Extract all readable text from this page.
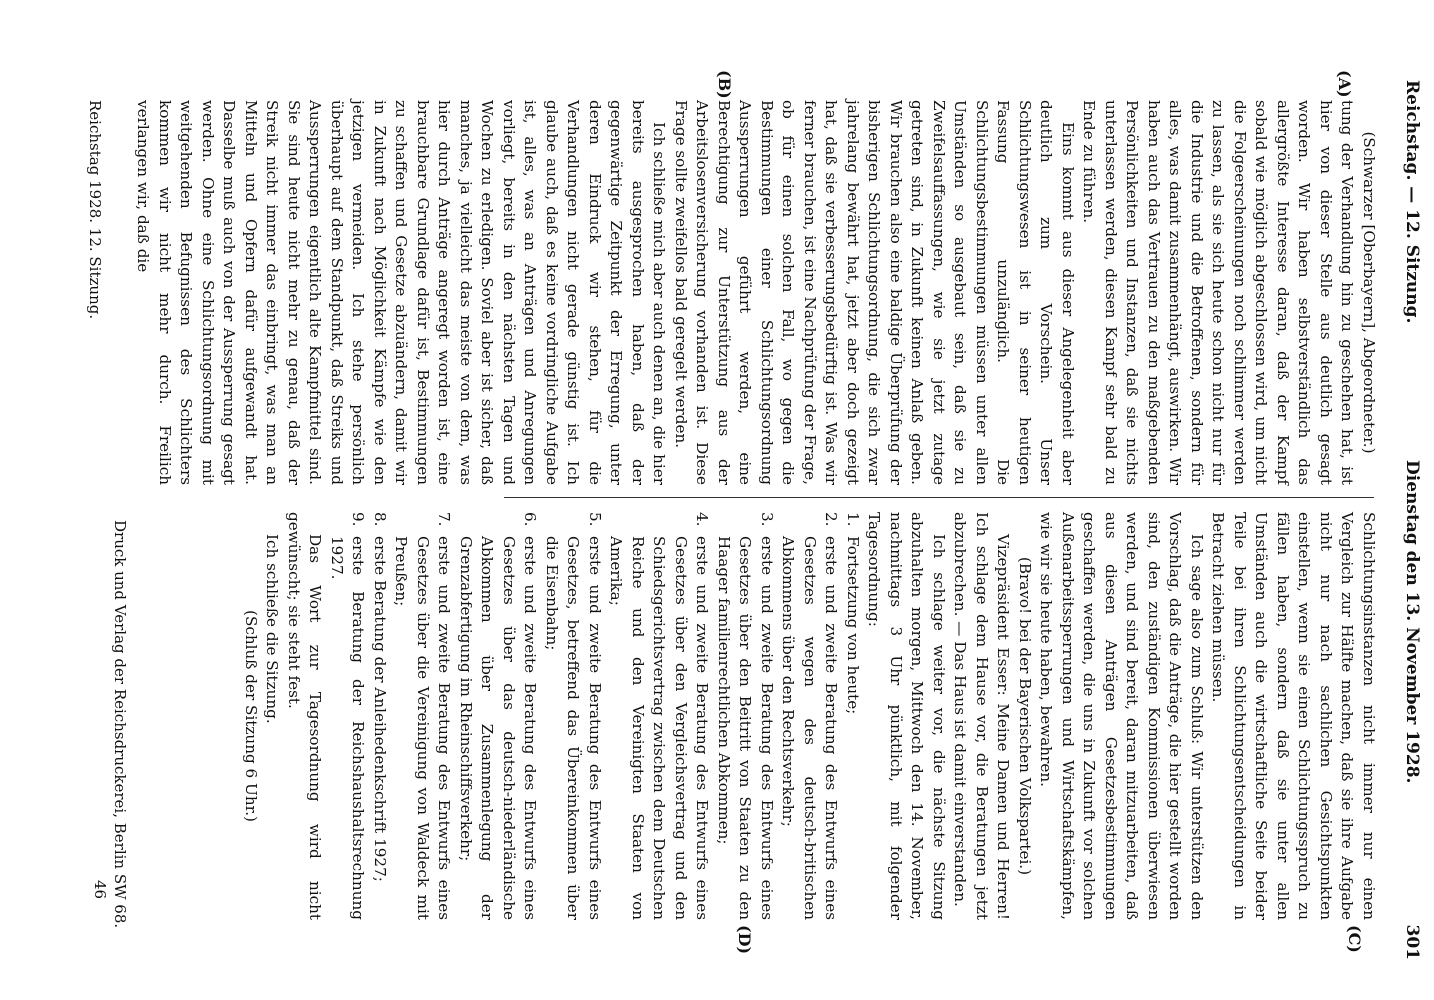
Reichstag. — 12. Sitzung.
Dienstag den 13. November 1928.
301

(Schwarzer [Oberbayern], Abgeordneter.)

tung der Verhandlung hin zu geschehen hat, ist hier von dieser Stelle aus deutlich gesagt worden. Wir haben selbstverständlich das allergrößte Interesse daran, daß der Kampf sobald wie möglich abgeschlossen wird, um nicht die Folgeerscheinungen noch schlimmer werden zu lassen, als sie sich heute schon nicht nur für die Industrie und die Betroffenen, sondern für alles, was damit zusammenhängt, auswirken. Wir haben auch das Vertrauen zu den maßgebenden Persönlichkeiten und Instanzen, daß sie nichts unterlassen werden, diesen Kampf sehr bald zu Ende zu führen.

Eins kommt aus dieser Angelegenheit aber deutlich zum Vorschein. Unser Schlichtungswesen ist in seiner heutigen Fassung unzulänglich. Die Schlichtungsbestimmungen müssen unter allen Umständen so ausgebaut sein, daß sie zu Zweifelsauffassungen, wie sie jetzt zutage getreten sind, in Zukunft keinen Anlaß geben. Wir brauchen also eine baldige Überprüfung der bisherigen Schlichtungsordnung, die sich zwar jahrelang bewährt hat, jetzt aber doch gezeigt hat, daß sie verbesserungsbedürftig ist. Was wir ferner brauchen, ist eine Nachprüfung der Frage, ob für einen solchen Fall, wo gegen die Bestimmungen einer Schlichtungsordnung Aussperrungen geführt werden, eine Berechtigung zur Unterstützung aus der Arbeitslosenversicherung vorhanden ist. Diese Frage sollte zweifellos bald geregelt werden.

Ich schließe mich aber auch denen an, die hier bereits ausgesprochen haben, daß der gegenwärtige Zeitpunkt der Erregung, unter deren Eindruck wir stehen, für die Verhandlungen nicht gerade günstig ist. Ich glaube auch, daß es keine vordringliche Aufgabe ist, alles, was an Anträgen und Anregungen vorliegt, bereits in den nächsten Tagen und Wochen zu erledigen. Soviel aber ist sicher, daß manches, ja vielleicht das meiste von dem, was hier durch Anträge angeregt worden ist, eine brauchbare Grundlage dafür ist, Bestimmungen zu schaffen und Gesetze abzuändern, damit wir in Zukunft nach Möglichkeit Kämpfe wie den jetzigen vermeiden. Ich stehe persönlich überhaupt auf dem Standpunkt, daß Streiks und Aussperrungen eigentlich alte Kampfmittel sind. Sie sind heute nicht mehr zu genau, daß der Streik nicht immer das einbringt, was man an Mitteln und Opfern dafür aufgewandt hat. Dasselbe muß auch von der Aussperrung gesagt werden. Ohne eine Schlichtungsordnung mit weitgehenden Befugnissen des Schlichters kommen wir nicht mehr durch. Freilich verlangen wir, daß die

(A)
(B)

Schlichtungsinstanzen nicht immer nur einen Vergleich zur Hälfte machen, daß sie ihre Aufgabe nicht nur nach sachlichen Gesichtspunkten einstellen, wenn sie einen Schlichtungsspruch zu fällen haben, sondern daß sie unter allen Umständen auch die wirtschaftliche Seite beider Teile bei ihren Schlichtungsentscheidungen in Betracht ziehen müssen.

Ich sage also zum Schluß: Wir unterstützen den Vorschlag, daß die Anträge, die hier gestellt worden sind, den zuständigen Kommissionen überwiesen werden, und sind bereit, daran mitzuarbeiten, daß aus diesen Anträgen Gesetzesbestimmungen geschaffen werden, die uns in Zukunft vor solchen Außenarbeitssperrungen und Wirtschaftskämpfen, wie wir sie heute haben, bewahren.

(Bravo! bei der Bayerischen Volkspartei.)

Vizepräsident Esser: Meine Damen und Herren! Ich schlage dem Hause vor, die Beratungen jetzt abzubrechen. — Das Haus ist damit einverstanden.

Ich schlage weiter vor, die nächste Sitzung abzuhalten morgen, Mittwoch den 14. November, nachmittags 3 Uhr pünktlich, mit folgender Tagesordnung:

1.
Fortsetzung von heute;

2.
erste und zweite Beratung des Entwurfs eines Gesetzes wegen des deutsch-britischen Abkommens über den Rechtsverkehr;

3.
erste und zweite Beratung des Entwurfs eines Gesetzes über den Beitritt von Staaten zu den Haager familienrechtlichen Abkommen;

4.
erste und zweite Beratung des Entwurfs eines Gesetzes über den Vergleichsvertrag und den Schiedsgerichtsvertrag zwischen dem Deutschen Reiche und den Vereinigten Staaten von Amerika;

5.
erste und zweite Beratung des Entwurfs eines Gesetzes, betreffend das Übereinkommen über die Eisenbahn;

6.
erste und zweite Beratung des Entwurfs eines Gesetzes über das deutsch-niederländische Abkommen über Zusammenlegung der Grenzabfertigung im Rheinschiffsverkehr;

7.
erste und zweite Beratung des Entwurfs eines Gesetzes über die Vereinigung von Waldeck mit Preußen;

8.
erste Beratung der Anleihedenkschrift 1927;

9.
erste Beratung der Reichshaushaltsrechnung 1927.

Das Wort zur Tagesordnung wird nicht gewünscht; sie steht fest.

Ich schließe die Sitzung.

(Schluß der Sitzung 6 Uhr.)

(C)
(D)
Reichstag 1928. 12. Sitzung.
Druck und Verlag der Reichsdruckerei, Berlin SW 68.
46
